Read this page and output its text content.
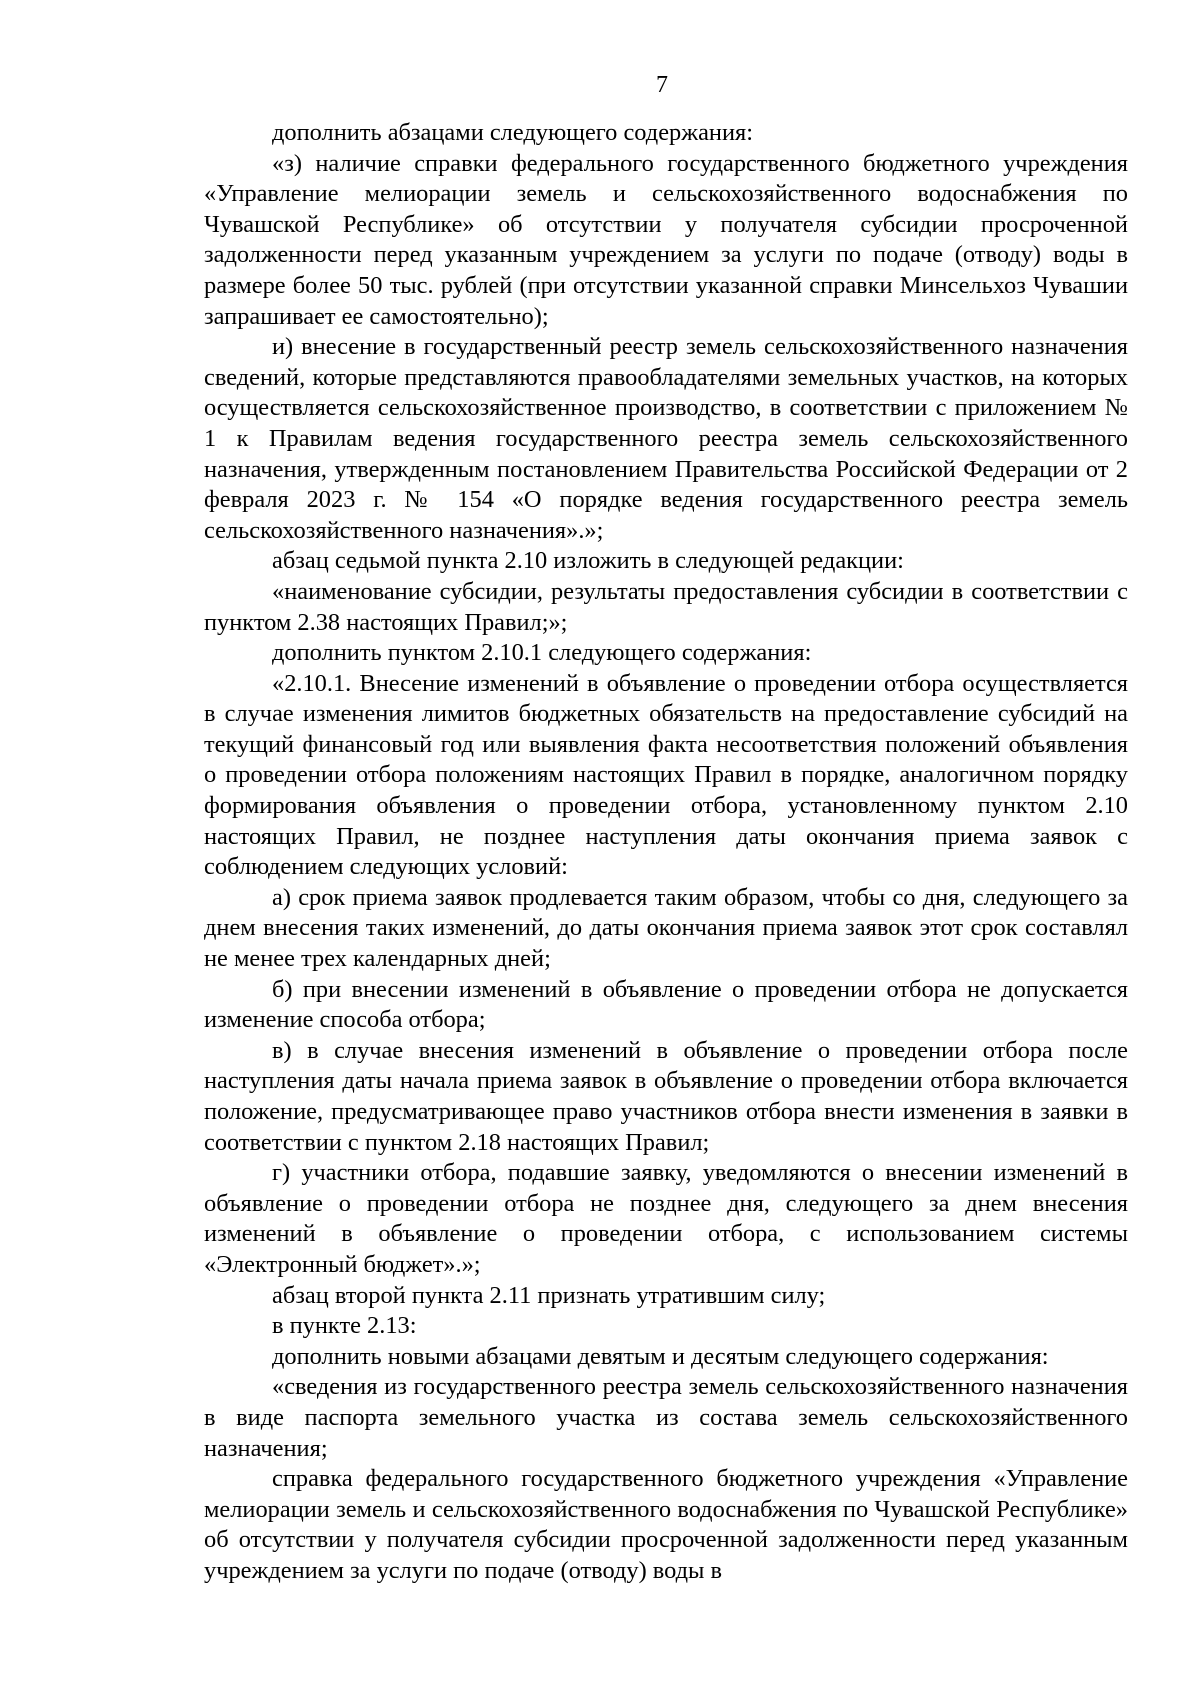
7

дополнить абзацами следующего содержания:

«з) наличие справки федерального государственного бюджетного учреждения «Управление мелиорации земель и сельскохозяйственного водоснабжения по Чувашской Республике» об отсутствии у получателя субсидии просроченной задолженности перед указанным учреждением за услуги по подаче (отводу) воды в размере более 50 тыс. рублей (при отсутствии указанной справки Минсельхоз Чувашии запрашивает ее самостоятельно);

и) внесение в государственный реестр земель сельскохозяйственного назначения сведений, которые представляются правообладателями земельных участков, на которых осуществляется сельскохозяйственное производство, в соответствии с приложением № 1 к Правилам ведения государственного реестра земель сельскохозяйственного назначения, утвержденным постановлением Правительства Российской Федерации от 2 февраля 2023 г. № 154 «О порядке ведения государственного реестра земель сельскохозяйственного назначения».»;

абзац седьмой пункта 2.10 изложить в следующей редакции:

«наименование субсидии, результаты предоставления субсидии в соответствии с пунктом 2.38 настоящих Правил;»;

дополнить пунктом 2.10.1 следующего содержания:

«2.10.1. Внесение изменений в объявление о проведении отбора осуществляется в случае изменения лимитов бюджетных обязательств на предоставление субсидий на текущий финансовый год или выявления факта несоответствия положений объявления о проведении отбора положениям настоящих Правил в порядке, аналогичном порядку формирования объявления о проведении отбора, установленному пунктом 2.10 настоящих Правил, не позднее наступления даты окончания приема заявок с соблюдением следующих условий:

а) срок приема заявок продлевается таким образом, чтобы со дня, следующего за днем внесения таких изменений, до даты окончания приема заявок этот срок составлял не менее трех календарных дней;

б) при внесении изменений в объявление о проведении отбора не допускается изменение способа отбора;

в) в случае внесения изменений в объявление о проведении отбора после наступления даты начала приема заявок в объявление о проведении отбора включается положение, предусматривающее право участников отбора внести изменения в заявки в соответствии с пунктом 2.18 настоящих Правил;

г) участники отбора, подавшие заявку, уведомляются о внесении изменений в объявление о проведении отбора не позднее дня, следующего за днем внесения изменений в объявление о проведении отбора, с использованием системы «Электронный бюджет».»;

абзац второй пункта 2.11 признать утратившим силу;

в пункте 2.13:

дополнить новыми абзацами девятым и десятым следующего содержания:

«сведения из государственного реестра земель сельскохозяйственного назначения в виде паспорта земельного участка из состава земель сельскохозяйственного назначения;

справка федерального государственного бюджетного учреждения «Управление мелиорации земель и сельскохозяйственного водоснабжения по Чувашской Республике» об отсутствии у получателя субсидии просроченной задолженности перед указанным учреждением за услуги по подаче (отводу) воды в
